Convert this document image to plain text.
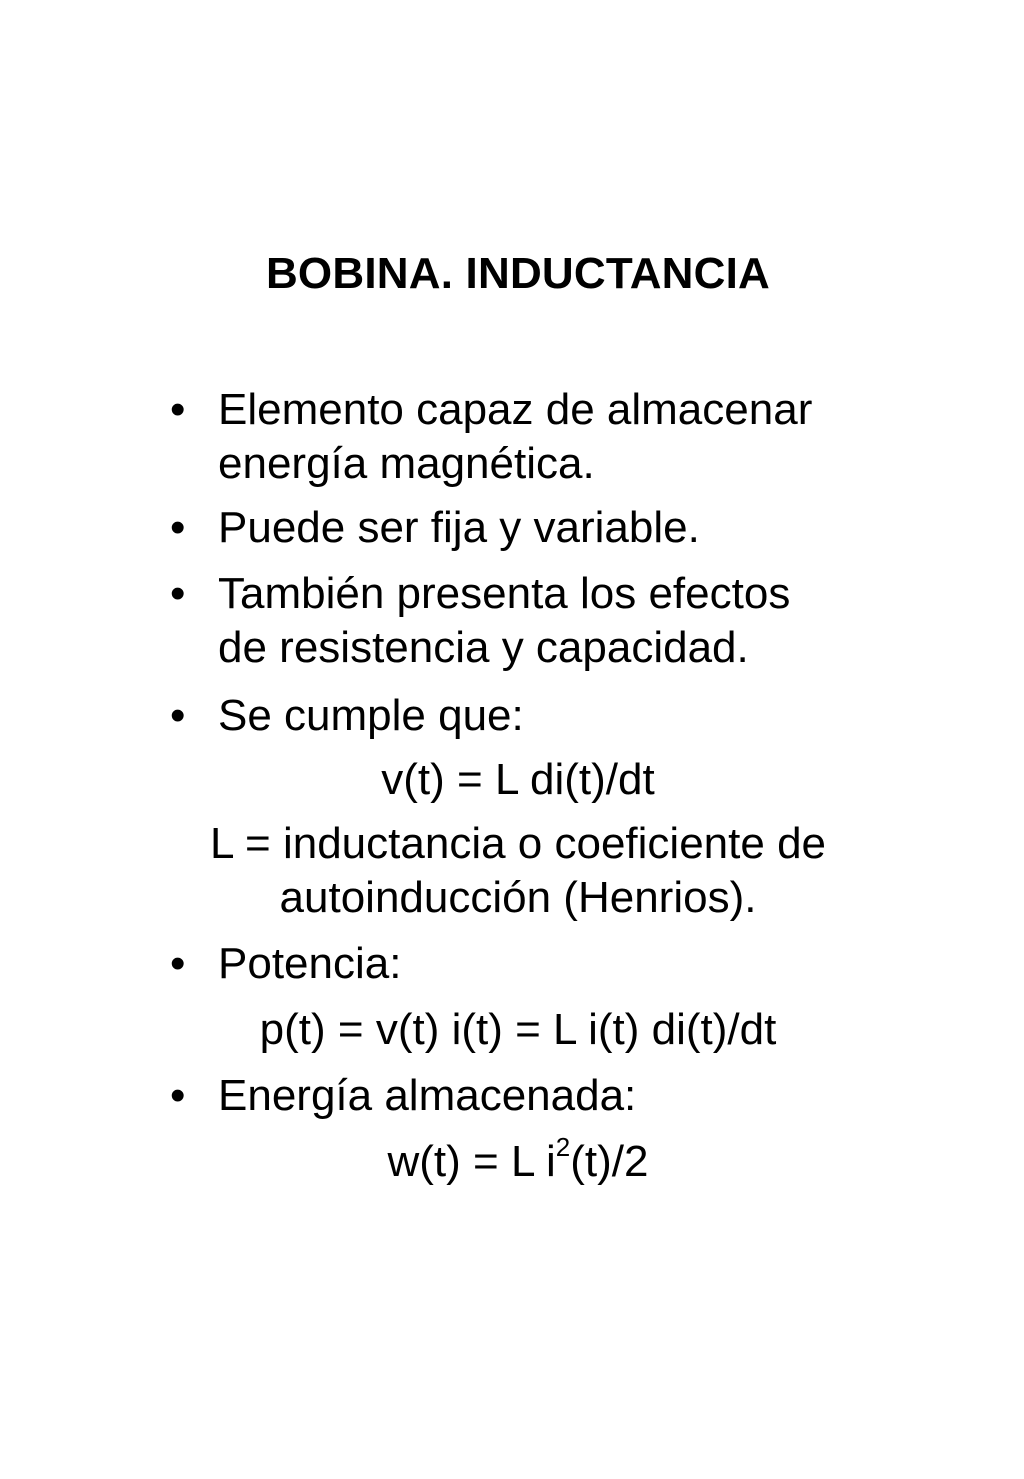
BOBINA. INDUCTANCIA
• Elemento capaz de almacenar
energía magnética.
• Puede ser fija y variable.
• También presenta los efectos
de resistencia y capacidad.
• Se cumple que:
v(t) = L di(t)/dt
L = inductancia o coeficiente de
autoinducción (Henrios).
• Potencia:
p(t) = v(t) i(t) = L i(t) di(t)/dt
• Energía almacenada:
w(t) = L $i^2(t)/2$
